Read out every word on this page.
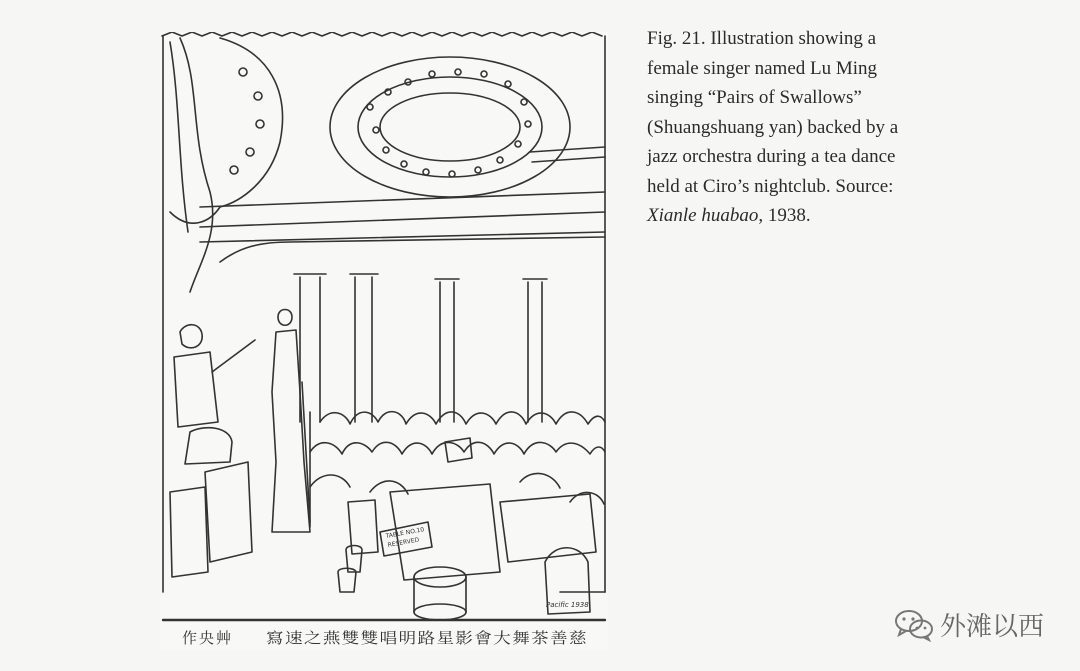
TABLE NO.10
RESERVED
Pacific 1938
作央艸 寫速之燕雙雙唱明路星影會大舞茶善慈
Fig. 21. Illustration showing a
female singer named Lu Ming
singing “Pairs of Swallows”
(Shuangshuang yan) backed by a
jazz orchestra during a tea dance
held at Ciro’s nightclub. Source:
Xianle huabao, 1938.
外滩以西
